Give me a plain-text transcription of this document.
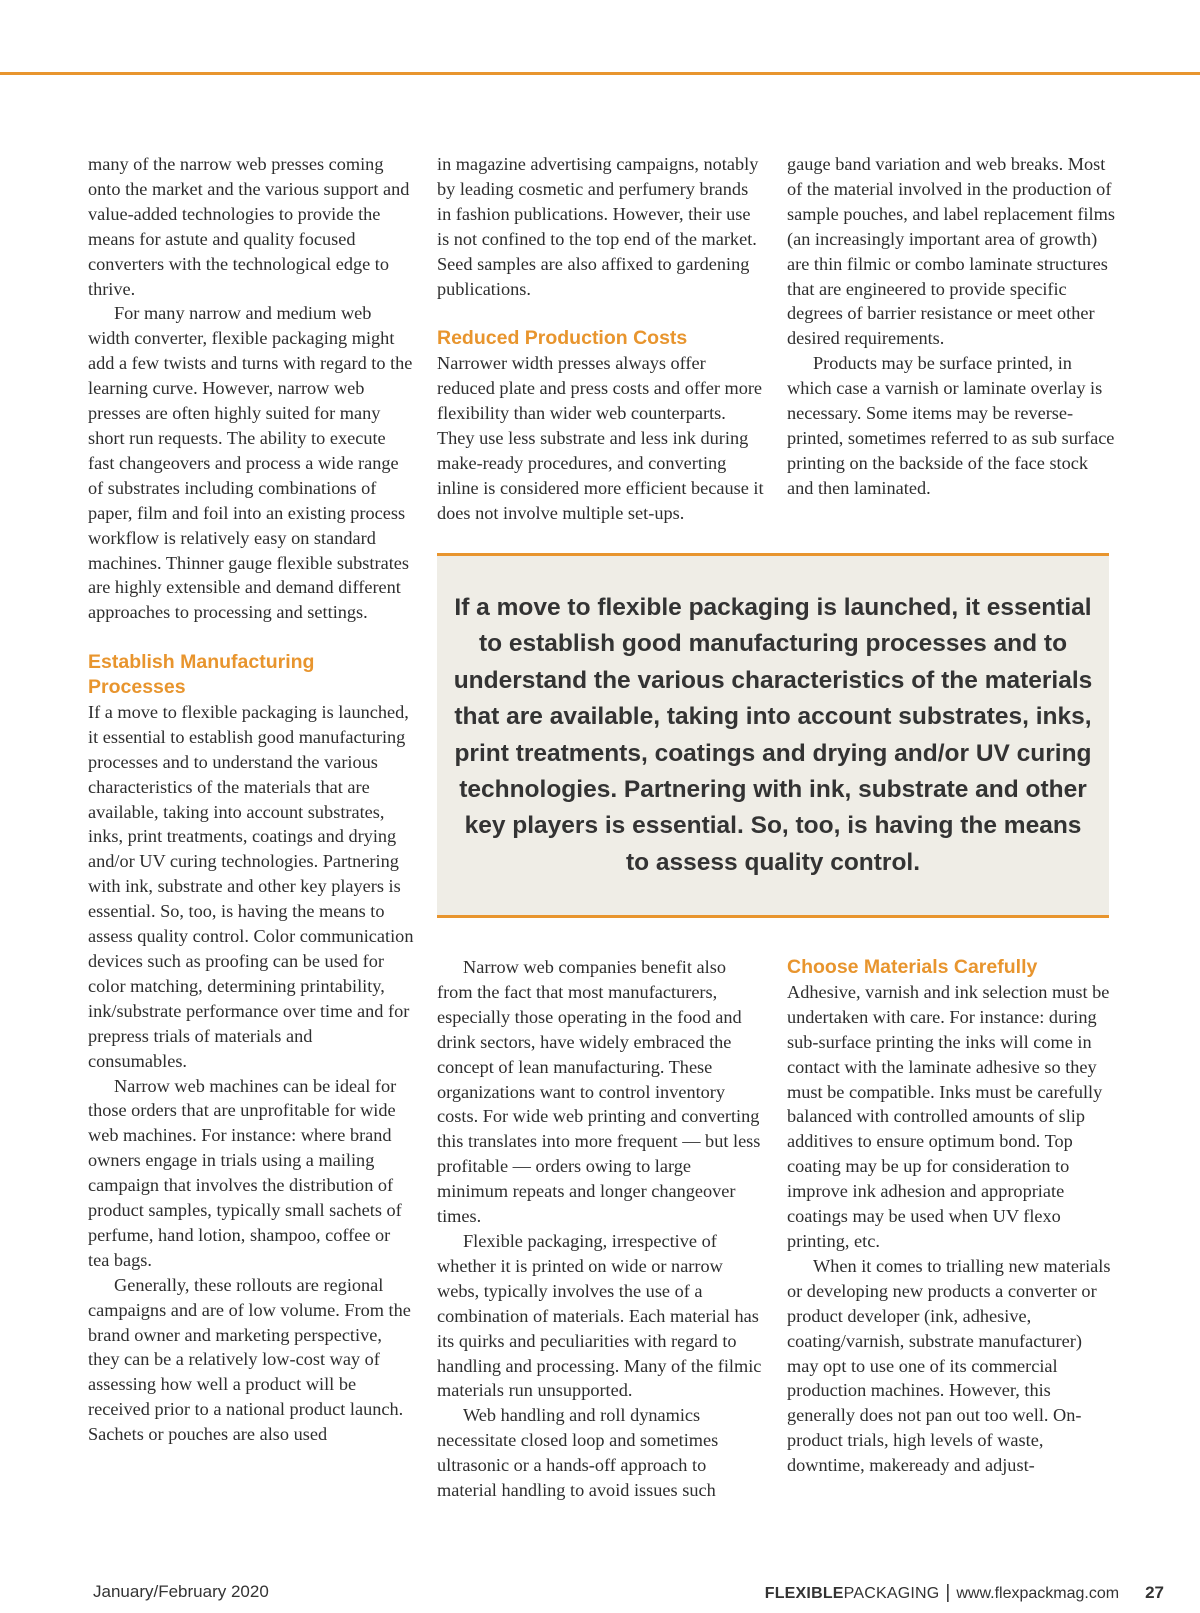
many of the narrow web presses coming onto the market and the various support and value-added technologies to provide the means for astute and quality focused converters with the technological edge to thrive.

For many narrow and medium web width converter, flexible packaging might add a few twists and turns with regard to the learning curve. However, narrow web presses are often highly suited for many short run requests. The ability to execute fast changeovers and process a wide range of substrates including combinations of paper, film and foil into an existing process workflow is relatively easy on standard machines. Thinner gauge flexible substrates are highly extensible and demand different approaches to processing and settings.

Establish Manufacturing Processes

If a move to flexible packaging is launched, it essential to establish good manufacturing processes and to understand the various characteristics of the materials that are available, taking into account substrates, inks, print treatments, coatings and drying and/or UV curing technologies. Partnering with ink, substrate and other key players is essential. So, too, is having the means to assess quality control. Color communication devices such as proofing can be used for color matching, determining printability, ink/substrate performance over time and for prepress trials of materials and consumables.

Narrow web machines can be ideal for those orders that are unprofitable for wide web machines. For instance: where brand owners engage in trials using a mailing campaign that involves the distribution of product samples, typically small sachets of perfume, hand lotion, shampoo, coffee or tea bags.

Generally, these rollouts are regional campaigns and are of low volume. From the brand owner and marketing perspective, they can be a relatively low-cost way of assessing how well a product will be received prior to a national product launch. Sachets or pouches are also used

in magazine advertising campaigns, notably by leading cosmetic and perfumery brands in fashion publications. However, their use is not confined to the top end of the market. Seed samples are also affixed to gardening publications.

Reduced Production Costs

Narrower width presses always offer reduced plate and press costs and offer more flexibility than wider web counterparts. They use less substrate and less ink during make-ready procedures, and converting inline is considered more efficient because it does not involve multiple set-ups.

gauge band variation and web breaks. Most of the material involved in the production of sample pouches, and label replacement films (an increasingly important area of growth) are thin filmic or combo laminate structures that are engineered to provide specific degrees of barrier resistance or meet other desired requirements.

Products may be surface printed, in which case a varnish or laminate overlay is necessary. Some items may be reverse-printed, sometimes referred to as sub surface printing on the backside of the face stock and then laminated.

If a move to flexible packaging is launched, it essential to establish good manufacturing processes and to understand the various characteristics of the materials that are available, taking into account substrates, inks, print treatments, coatings and drying and/or UV curing technologies. Partnering with ink, substrate and other key players is essential. So, too, is having the means to assess quality control.

Narrow web companies benefit also from the fact that most manufacturers, especially those operating in the food and drink sectors, have widely embraced the concept of lean manufacturing. These organizations want to control inventory costs. For wide web printing and converting this translates into more frequent — but less profitable — orders owing to large minimum repeats and longer changeover times.

Flexible packaging, irrespective of whether it is printed on wide or narrow webs, typically involves the use of a combination of materials. Each material has its quirks and peculiarities with regard to handling and processing. Many of the filmic materials run unsupported.

Web handling and roll dynamics necessitate closed loop and sometimes ultrasonic or a hands-off approach to material handling to avoid issues such

Choose Materials Carefully

Adhesive, varnish and ink selection must be undertaken with care. For instance: during sub-surface printing the inks will come in contact with the laminate adhesive so they must be compatible. Inks must be carefully balanced with controlled amounts of slip additives to ensure optimum bond. Top coating may be up for consideration to improve ink adhesion and appropriate coatings may be used when UV flexo printing, etc.

When it comes to trialling new materials or developing new products a converter or product developer (ink, adhesive, coating/varnish, substrate manufacturer) may opt to use one of its commercial production machines. However, this generally does not pan out too well. On-product trials, high levels of waste, downtime, makeready and adjust-

January/February 2020	FLEXIBLEPACKAGING | www.flexpackmag.com 27
